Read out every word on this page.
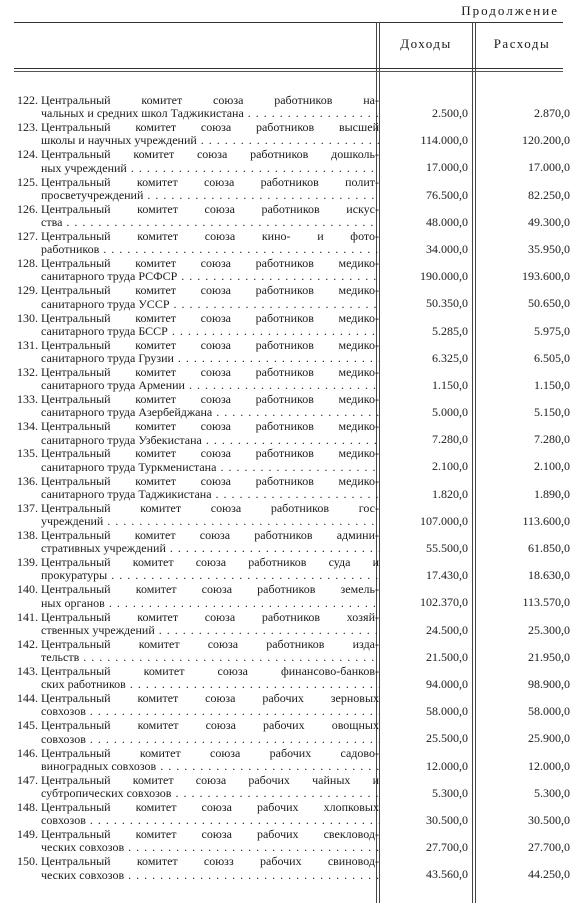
Продолжение
Доходы	Расходы
122. Центральный комитет союза работников на-
чальных и средних школ Таджикистана . . .	2.500,0	2.870,0
123. Центральный комитет союза работников высшей
школы и научных учреждений . . .	114.000,0	120.200,0
124. Центральный комитет союза работников дошколь-
ных учреждений . . .	17.000,0	17.000,0
125. Центральный комитет союза работников полит-
просветучреждений . . .	76.500,0	82.250,0
126. Центральный комитет союза работников искус-
ства . . .	48.000,0	49.300,0
127. Центральный комитет союза кино- и фото-
работников . . .	34.000,0	35.950,0
128. Центральный комитет союза работников медико-
санитарного труда РСФСР . . .	190.000,0	193.600,0
129. Центральный комитет союза работников медико-
санитарного труда УССР . . .	50.350,0	50.650,0
130. Центральный комитет союза работников медико-
санитарного труда БССР . . .	5.285,0	5.975,0
131. Центральный комитет союза работников медико-
санитарного труда Грузии . . .	6.325,0	6.505,0
132. Центральный комитет союза работников медико-
санитарного труда Армении . . .	1.150,0	1.150,0
133. Центральный комитет союза работников медико-
санитарного труда Азербейджана . . .	5.000,0	5.150,0
134. Центральный комитет союза работников медико-
санитарного труда Узбекистана . . .	7.280,0	7.280,0
135. Центральный комитет союза работников медико-
санитарного труда Туркменистана . . .	2.100,0	2.100,0
136. Центральный комитет союза работников медико-
санитарного труда Таджикистана . . .	1.820,0	1.890,0
137. Центральный комитет союза работников гос-
учреждений . . .	107.000,0	113.600,0
138. Центральный комитет союза работников админи-
стративных учреждений . . .	55.500,0	61.850,0
139. Центральный комитет союза работников суда и
прокуратуры . . .	17.430,0	18.630,0
140. Центральный комитет союза работников земель-
ных органов . . .	102.370,0	113.570,0
141. Центральный комитет союза работников хозяй-
ственных учреждений . . .	24.500,0	25.300,0
142. Центральный комитет союза работников изда-
тельств . . .	21.500,0	21.950,0
143. Центральный комитет союза финансово-банков-
ских работников . . .	94.000,0	98.900,0
144. Центральный комитет союза рабочих зерновых
совхозов . . .	58.000,0	58.000,0
145. Центральный комитет союза рабочих овощных
совхозов . . .	25.500,0	25.900,0
146. Центральный комитет союза рабочих садово-
виноградных совхозов . . .	12.000,0	12.000,0
147. Центральный комитет союза рабочих чайных и
субтропических совхозов . . .	5.300,0	5.300,0
148. Центральный комитет союза рабочих хлопковых
совхозов . . .	30.500,0	30.500,0
149. Центральный комитет союза рабочих свекловод-
ческих совхозов . . .	27.700,0	27.700,0
150. Центральный комитет союзз рабочих свиновод-
ческих совхозов . . .	43.560,0	44.250,0
